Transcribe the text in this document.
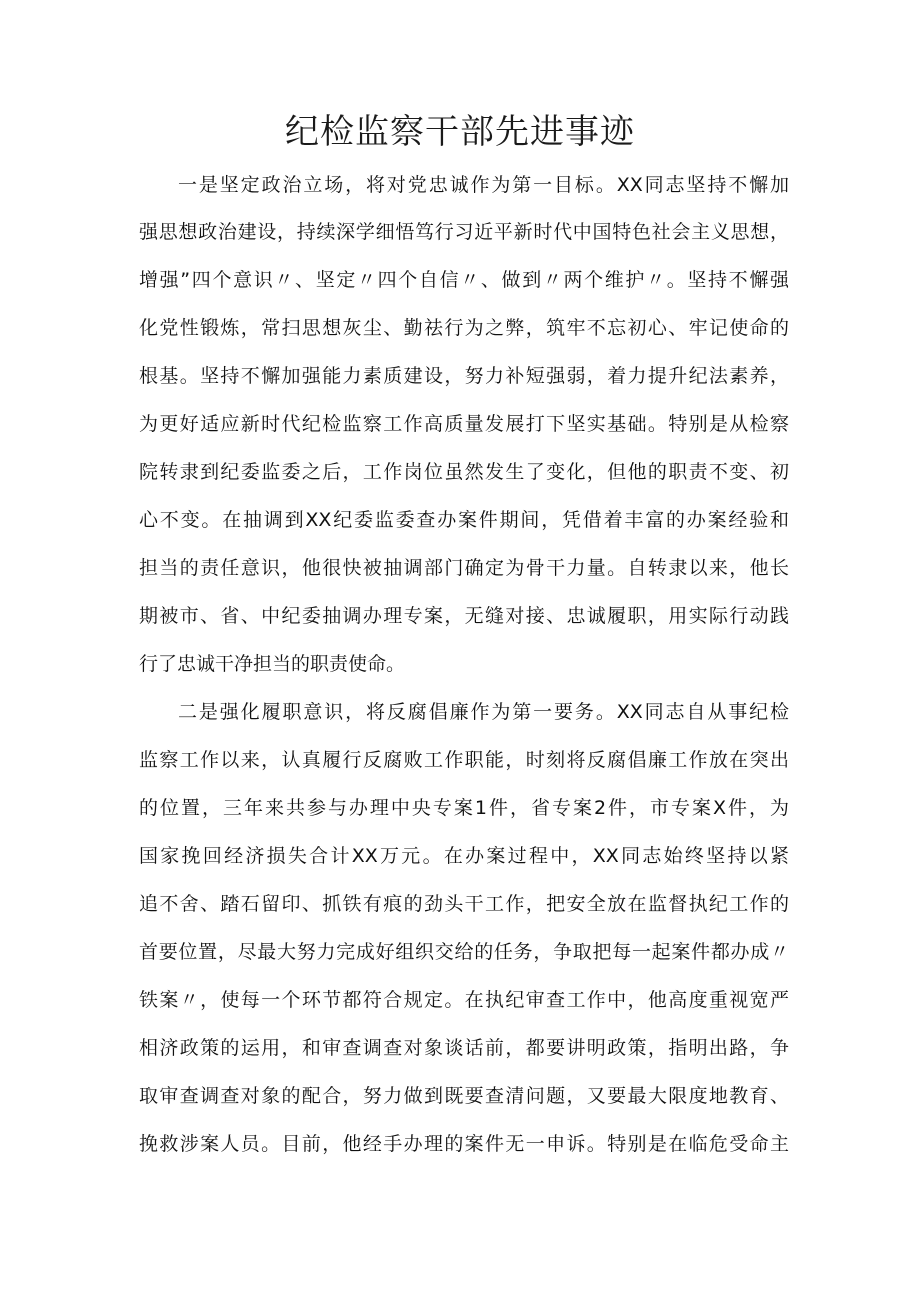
纪检监察干部先进事迹
一是坚定政治立场，将对党忠诚作为第一目标。XX同志坚持不懈加
强思想政治建设，持续深学细悟笃行习近平新时代中国特色社会主义思想，
增强”四个意识〃、坚定〃四个自信〃、做到〃两个维护〃。坚持不懈强
化党性锻炼，常扫思想灰尘、勤祛行为之弊，筑牢不忘初心、牢记使命的
根基。坚持不懈加强能力素质建设，努力补短强弱，着力提升纪法素养，
为更好适应新时代纪检监察工作高质量发展打下坚实基础。特别是从检察
院转隶到纪委监委之后，工作岗位虽然发生了变化，但他的职责不变、初
心不变。在抽调到XX纪委监委查办案件期间，凭借着丰富的办案经验和
担当的责任意识，他很快被抽调部门确定为骨干力量。自转隶以来，他长
期被市、省、中纪委抽调办理专案，无缝对接、忠诚履职，用实际行动践
行了忠诚干净担当的职责使命。
二是强化履职意识，将反腐倡廉作为第一要务。XX同志自从事纪检
监察工作以来，认真履行反腐败工作职能，时刻将反腐倡廉工作放在突出
的位置，三年来共参与办理中央专案1件，省专案2件，市专案X件，为
国家挽回经济损失合计XX万元。在办案过程中，XX同志始终坚持以紧
追不舍、踏石留印、抓铁有痕的劲头干工作，把安全放在监督执纪工作的
首要位置，尽最大努力完成好组织交给的任务，争取把每一起案件都办成〃
铁案〃，使每一个环节都符合规定。在执纪审查工作中，他高度重视宽严
相济政策的运用，和审查调查对象谈话前，都要讲明政策，指明出路，争
取审查调查对象的配合，努力做到既要查清问题，又要最大限度地教育、
挽救涉案人员。目前，他经手办理的案件无一申诉。特别是在临危受命主
